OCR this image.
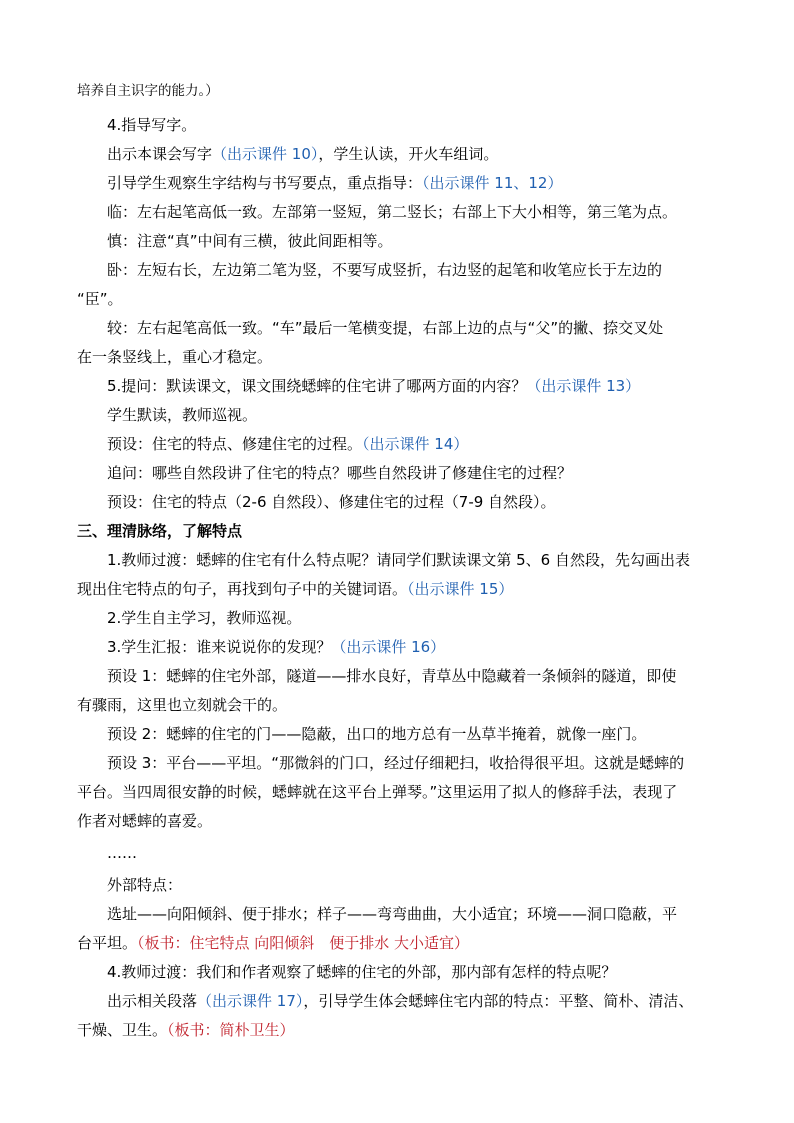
培养自主识字的能力。）
4.指导写字。
出示本课会写字（出示课件 10），学生认读，开火车组词。
引导学生观察生字结构与书写要点，重点指导：（出示课件 11、12）
临：左右起笔高低一致。左部第一竖短，第二竖长；右部上下大小相等，第三笔为点。
慎：注意“真”中间有三横，彼此间距相等。
卧：左短右长，左边第二笔为竖，不要写成竖折，右边竖的起笔和收笔应长于左边的
“臣”。
较：左右起笔高低一致。“车”最后一笔横变提，右部上边的点与“父”的撇、捺交叉处
在一条竖线上，重心才稳定。
5.提问：默读课文，课文围绕蟋蟀的住宅讲了哪两方面的内容？（出示课件 13）
学生默读，教师巡视。
预设：住宅的特点、修建住宅的过程。（出示课件 14）
追问：哪些自然段讲了住宅的特点？哪些自然段讲了修建住宅的过程？
预设：住宅的特点（2-6 自然段）、修建住宅的过程（7-9 自然段）。
三、理清脉络，了解特点
1.教师过渡：蟋蟀的住宅有什么特点呢？请同学们默读课文第 5、6 自然段，先勾画出表
现出住宅特点的句子，再找到句子中的关键词语。（出示课件 15）
2.学生自主学习，教师巡视。
3.学生汇报：谁来说说你的发现？（出示课件 16）
预设 1：蟋蟀的住宅外部，隧道——排水良好，青草丛中隐藏着一条倾斜的隧道，即使
有骤雨，这里也立刻就会干的。
预设 2：蟋蟀的住宅的门——隐蔽，出口的地方总有一丛草半掩着，就像一座门。
预设 3：平台——平坦。“那微斜的门口，经过仔细耙扫，收拾得很平坦。这就是蟋蟀的
平台。当四周很安静的时候，蟋蟀就在这平台上弹琴。”这里运用了拟人的修辞手法，表现了
作者对蟋蟀的喜爱。
……
外部特点：
选址——向阳倾斜、便于排水；样子——弯弯曲曲，大小适宜；环境——洞口隐蔽，平
台平坦。（板书：住宅特点 向阳倾斜　便于排水 大小适宜）
4.教师过渡：我们和作者观察了蟋蟀的住宅的外部，那内部有怎样的特点呢？
出示相关段落（出示课件 17），引导学生体会蟋蟀住宅内部的特点：平整、简朴、清洁、
干燥、卫生。（板书：简朴卫生）
